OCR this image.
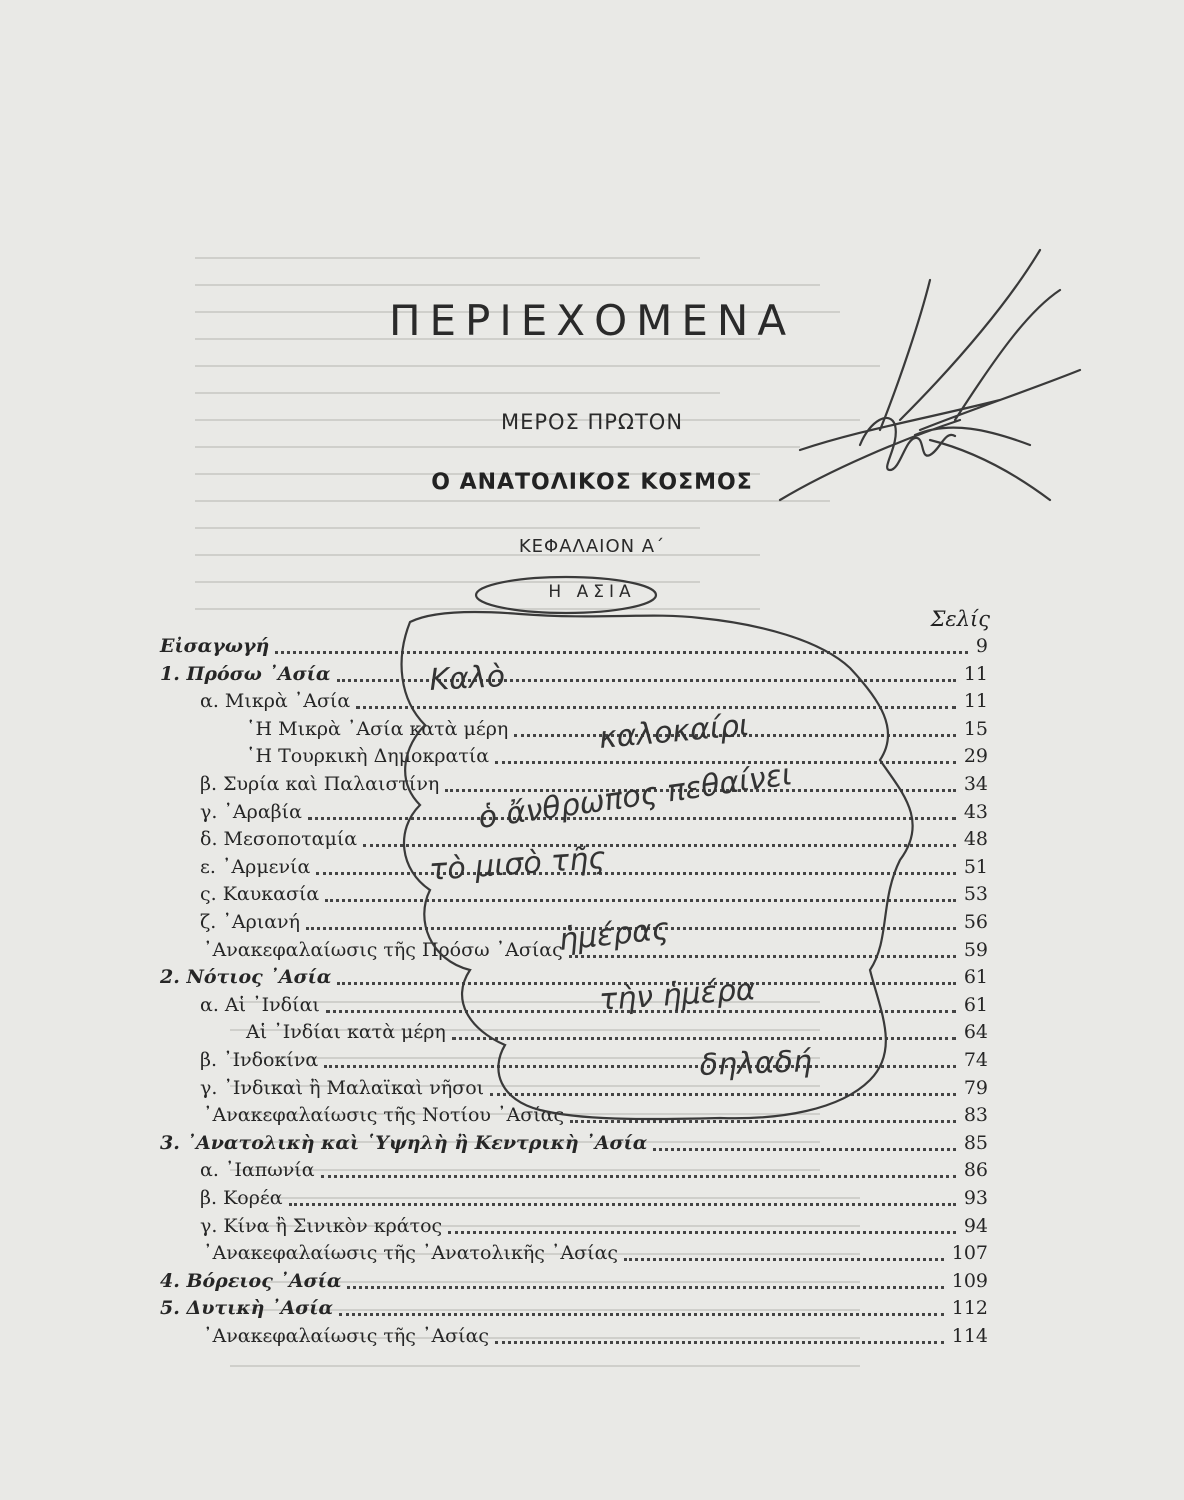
ΠΕΡΙΕΧΟΜΕΝΑ
ΜΕΡΟΣ ΠΡΩΤΟΝ
Ο ΑΝΑΤΟΛΙΚΟΣ ΚΟΣΜΟΣ
ΚΕΦΑΛΑΙΟΝ Α΄
Η ΑΣΙΑ
Σελίς
Εἰσαγωγή	9
1. Πρόσω ᾿Ασία	11
α. Μικρὰ ᾿Ασία	11
῾Η Μικρὰ ᾿Ασία κατὰ μέρη	15
῾Η Τουρκικὴ Δημοκρατία	29
β. Συρία καὶ Παλαιστίνη	34
γ. ᾿Αραβία	43
δ. Μεσοποταμία	48
ε. ᾿Αρμενία	51
ς. Καυκασία	53
ζ. ᾿Αριανή	56
᾿Ανακεφαλαίωσις τῆς Πρόσω ᾿Ασίας	59
2. Νότιος ᾿Ασία	61
α. Αἱ ᾿Ινδίαι	61
Αἱ ᾿Ινδίαι κατὰ μέρη	64
β. ᾿Ινδοκίνα	74
γ. ᾿Ινδικαὶ ἢ Μαλαϊκαὶ νῆσοι	79
᾿Ανακεφαλαίωσις τῆς Νοτίου ᾿Ασίας	83
3. ᾿Ανατολικὴ καὶ ῾Υψηλὴ ἢ Κεντρικὴ ᾿Ασία	85
α. ᾿Ιαπωνία	86
β. Κορέα	93
γ. Κίνα ἢ Σινικὸν κράτος	94
᾿Ανακεφαλαίωσις τῆς ᾿Ανατολικῆς ᾿Ασίας	107
4. Βόρειος ᾿Ασία	109
5. Δυτικὴ ᾿Ασία	112
᾿Ανακεφαλαίωσις τῆς ᾿Ασίας	114
Καλὸ
καλοκαίρι
ὁ ἄνθρωπος πεθαίνει
τὸ μισὸ τῆς
ἡμέρας
τὴν ἡμέρα
δηλαδή
